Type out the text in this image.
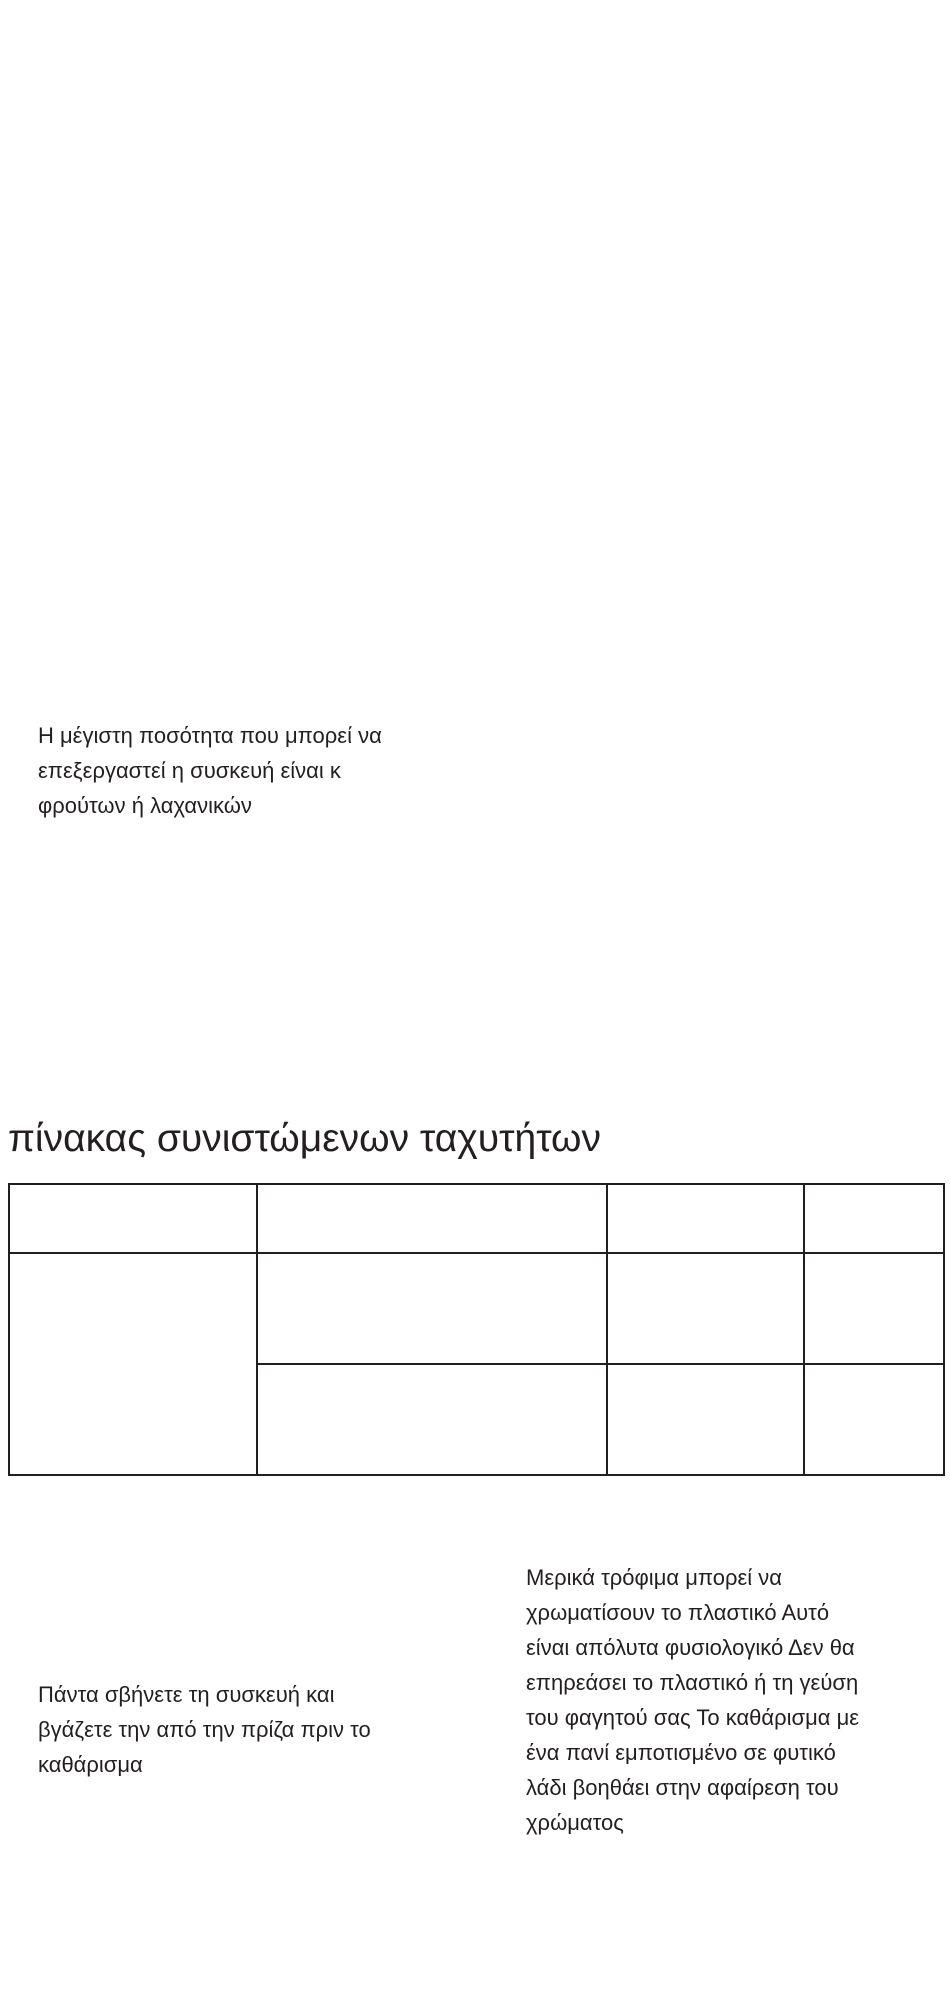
Η μέγιστη ποσότητα που μπορεί να
επεξεργαστεί η συσκευή είναι κ
φρούτων ή λαχανικών

πίνακας συνιστώμενων ταχυτήτων

Πάντα σβήνετε τη συσκευή και
βγάζετε την από την πρίζα πριν το
καθάρισμα

Μερικά τρόφιμα μπορεί να
χρωματίσουν το πλαστικό Αυτό
είναι απόλυτα φυσιολογικό Δεν θα
επηρεάσει το πλαστικό ή τη γεύση
του φαγητού σας Το καθάρισμα με
ένα πανί εμποτισμένο σε φυτικό
λάδι βοηθάει στην αφαίρεση του
χρώματος
